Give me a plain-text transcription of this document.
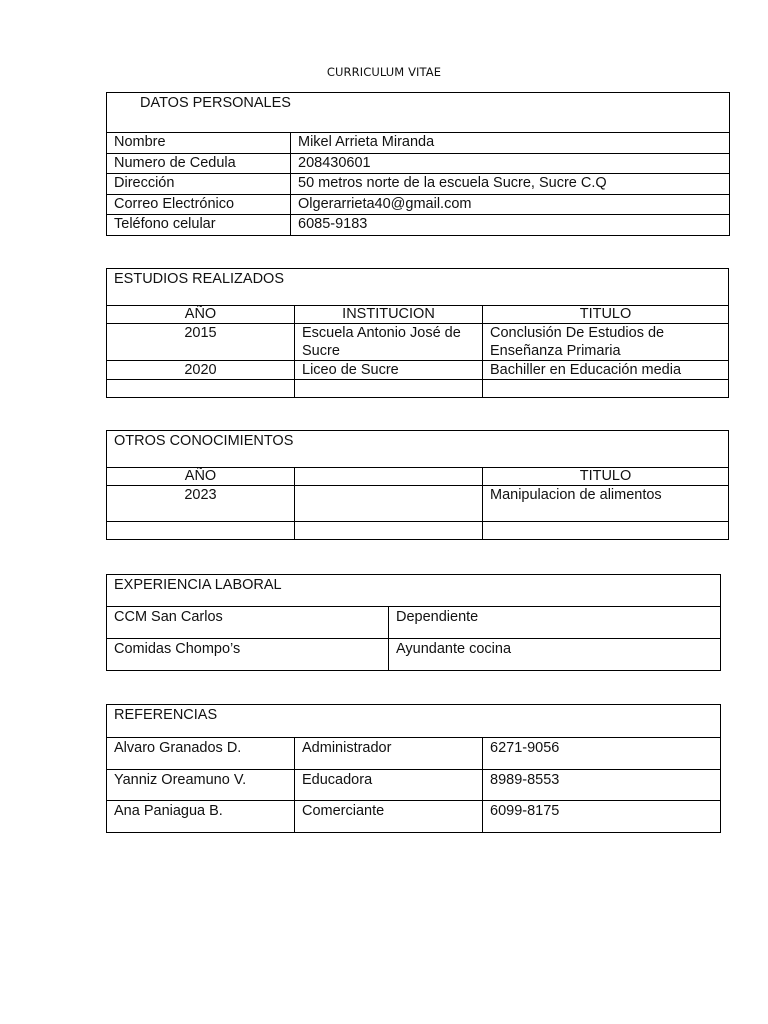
CURRICULUM VITAE
DATOS PERSONALES	
Nombre	Mikel Arrieta Miranda
Numero de Cedula	208430601
Dirección	50 metros norte de la escuela Sucre, Sucre C.Q
Correo Electrónico	Olgerarrieta40@gmail.com
Teléfono celular	6085-9183
ESTUDIOS REALIZADOS		
AÑO	INSTITUCION	TITULO
2015	Escuela Antonio José de Sucre	Conclusión De Estudios de Enseñanza Primaria
2020	Liceo de Sucre	Bachiller en Educación media

OTROS CONOCIMIENTOS		
AÑO		TITULO
2023		Manipulacion de alimentos

EXPERIENCIA LABORAL	
CCM San Carlos	Dependiente
Comidas Chompo’s	Ayundante cocina
REFERENCIAS		
Alvaro Granados D.	Administrador	6271-9056
Yanniz Oreamuno V.	Educadora	8989-8553
Ana Paniagua B.	Comerciante	6099-8175
